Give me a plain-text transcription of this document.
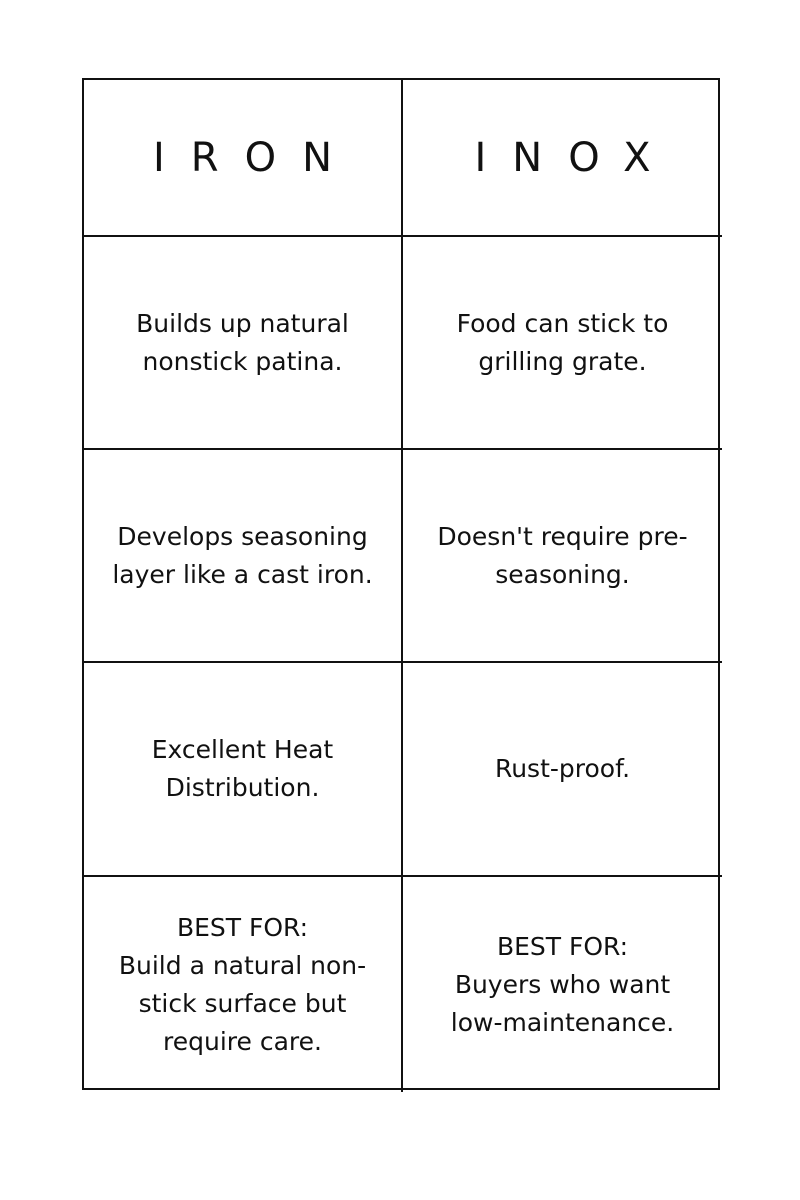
IRON	INOX
Builds up natural
nonstick patina.
Food can stick to
grilling grate.
Develops seasoning
layer like a cast iron.
Doesn't require pre-
seasoning.
Excellent Heat
Distribution.
Rust-proof.
BEST FOR:
Build a natural non-
stick surface but
require care.
BEST FOR:
Buyers who want
low-maintenance.
